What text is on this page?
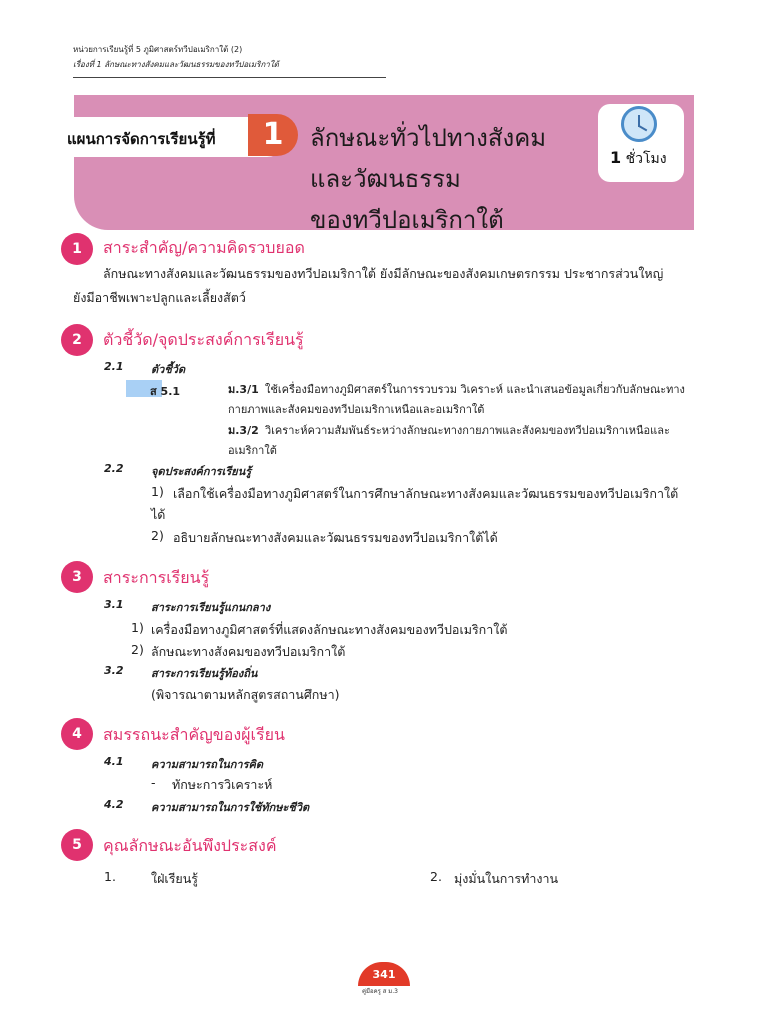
หน่วยการเรียนรู้ที่ 5 ภูมิศาสตร์ทวีปอเมริกาใต้ (2)
เรื่องที่ 1 ลักษณะทางสังคมและวัฒนธรรมของทวีปอเมริกาใต้
แผนการจัดการเรียนรู้ที่	1	ลักษณะทั่วไปทางสังคม
และวัฒนธรรม
ของทวีปอเมริกาใต้
1 ชั่วโมง
1	สาระสำคัญ/ความคิดรวบยอด
ลักษณะทางสังคมและวัฒนธรรมของทวีปอเมริกาใต้ ยังมีลักษณะของสังคมเกษตรกรรม ประชากรส่วนใหญ่
ยังมีอาชีพเพาะปลูกและเลี้ยงสัตว์
2	ตัวชี้วัด/จุดประสงค์การเรียนรู้
2.1	ตัวชี้วัด
ส 5.1	ม.3/1 ใช้เครื่องมือทางภูมิศาสตร์ในการรวบรวม วิเคราะห์ และนำเสนอข้อมูลเกี่ยวกับลักษณะทาง
กายภาพและสังคมของทวีปอเมริกาเหนือและอเมริกาใต้
ม.3/2 วิเคราะห์ความสัมพันธ์ระหว่างลักษณะทางกายภาพและสังคมของทวีปอเมริกาเหนือและ
อเมริกาใต้
2.2	จุดประสงค์การเรียนรู้
1) เลือกใช้เครื่องมือทางภูมิศาสตร์ในการศึกษาลักษณะทางสังคมและวัฒนธรรมของทวีปอเมริกาใต้
ได้
2) อธิบายลักษณะทางสังคมและวัฒนธรรมของทวีปอเมริกาใต้ได้
3	สาระการเรียนรู้
3.1	สาระการเรียนรู้แกนกลาง
1) เครื่องมือทางภูมิศาสตร์ที่แสดงลักษณะทางสังคมของทวีปอเมริกาใต้
2) ลักษณะทางสังคมของทวีปอเมริกาใต้
3.2	สาระการเรียนรู้ท้องถิ่น
(พิจารณาตามหลักสูตรสถานศึกษา)
4	สมรรถนะสำคัญของผู้เรียน
4.1	ความสามารถในการคิด
- ทักษะการวิเคราะห์
4.2	ความสามารถในการใช้ทักษะชีวิต
5	คุณลักษณะอันพึงประสงค์
1.	ใฝ่เรียนรู้	2. มุ่งมั่นในการทำงาน
341
คู่มือครู ส ม.3
